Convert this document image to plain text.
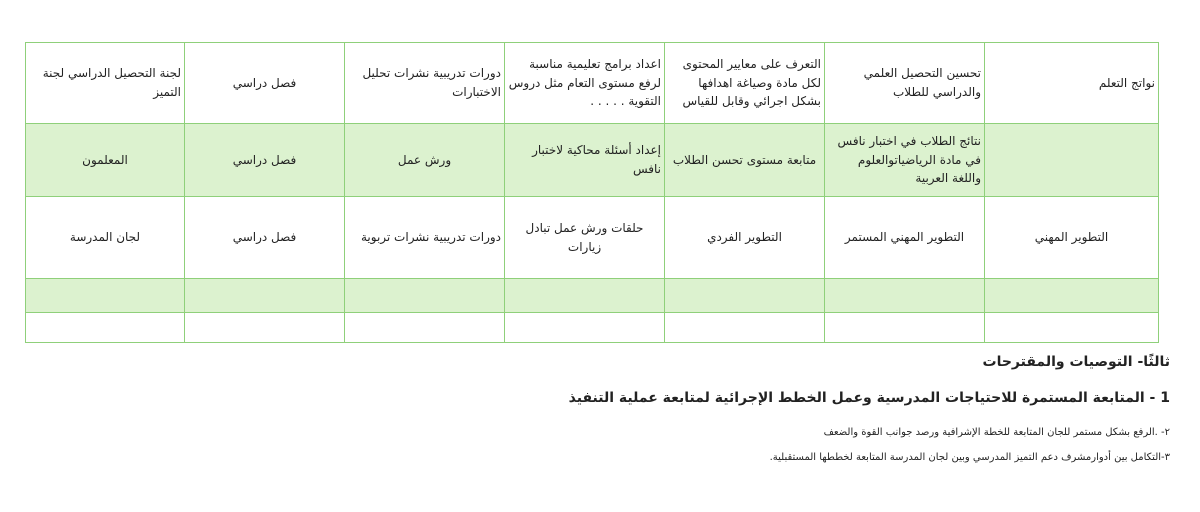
نواتج التعلم	تحسين التحصيل العلمي والدراسي للطلاب	التعرف على معايير المحتوى لكل مادة وصياغة اهدافها بشكل اجرائي وقابل للقياس	اعداد برامج تعليمية مناسبة لرفع مستوى التعام مثل دروس التقوية . . . . .	دورات تدريبية نشرات تحليل الاختبارات	فصل دراسي	لجنة التحصيل الدراسي لجنة التميز
	نتائج الطلاب في اختبار نافس في مادة الرياضياتوالعلوم واللغة العربية	متابعة مستوى تحسن الطلاب	إعداد أسئلة محاكية لاختبار نافس	ورش عمل	فصل دراسي	المعلمون
التطوير المهني	التطوير المهني المستمر	التطوير الفردي	حلقات ورش عمل تبادل زيارات	دورات تدريبية نشرات تربوية	فصل دراسي	لجان المدرسة

ثالثًا- التوصيات والمقترحات
1 - المتابعة المستمرة للاحتياجات المدرسية وعمل الخطط الإجرائية لمتابعة عملية التنفيذ
٢- .الرفع بشكل مستمر للجان المتابعة للخطة الإشرافية ورصد جوانب القوة والضعف
٣-التكامل بين أدوارمشرف دعم التميز المدرسي وبين لجان المدرسة المتابعة لخططها المستقبلية.
